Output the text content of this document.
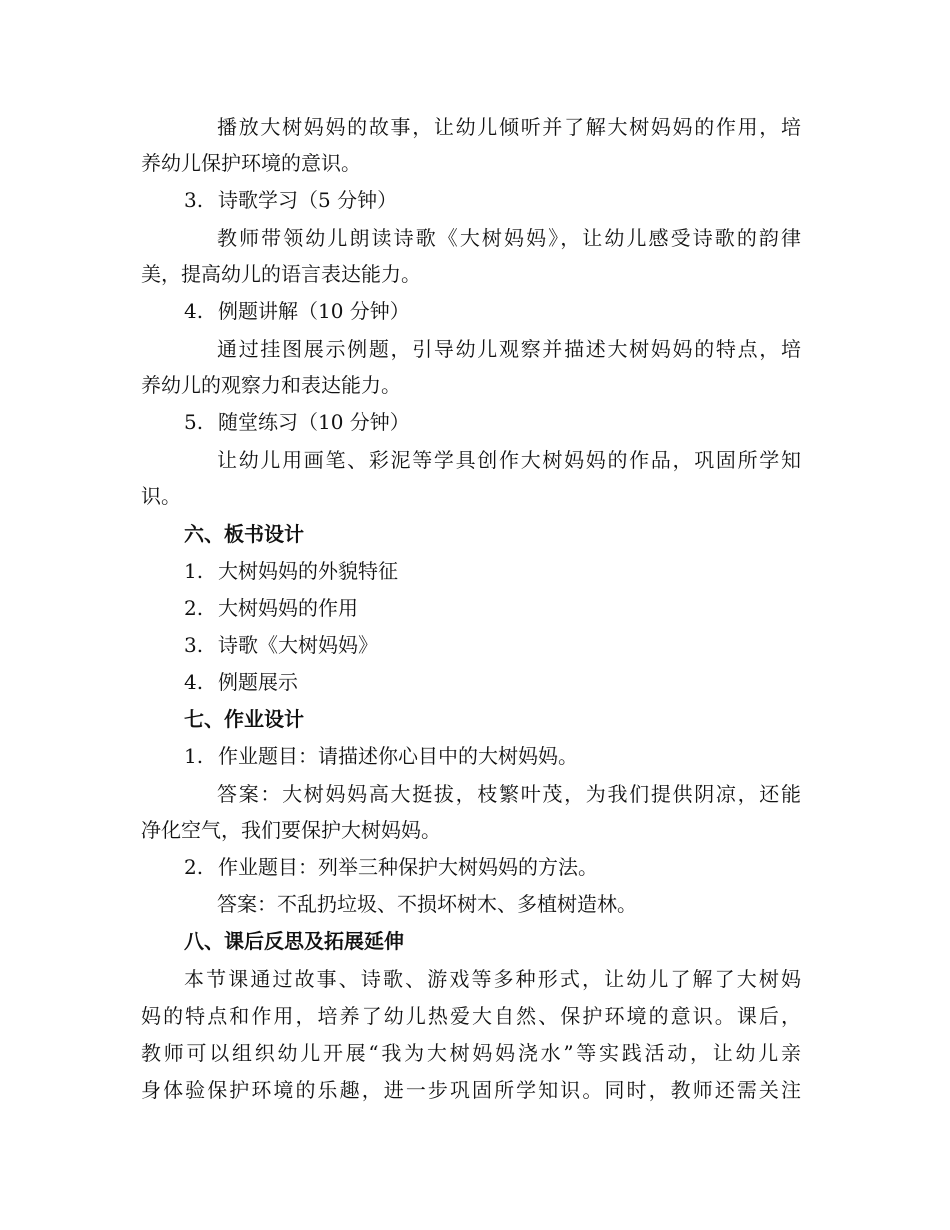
播放大树妈妈的故事，让幼儿倾听并了解大树妈妈的作用，培
养幼儿保护环境的意识。
3. 诗歌学习（5 分钟）
教师带领幼儿朗读诗歌《大树妈妈》，让幼儿感受诗歌的韵律
美，提高幼儿的语言表达能力。
4. 例题讲解（10 分钟）
通过挂图展示例题，引导幼儿观察并描述大树妈妈的特点，培
养幼儿的观察力和表达能力。
5. 随堂练习（10 分钟）
让幼儿用画笔、彩泥等学具创作大树妈妈的作品，巩固所学知
识。
六、板书设计
1. 大树妈妈的外貌特征
2. 大树妈妈的作用
3. 诗歌《大树妈妈》
4. 例题展示
七、作业设计
1. 作业题目：请描述你心目中的大树妈妈。
答案：大树妈妈高大挺拔，枝繁叶茂，为我们提供阴凉，还能
净化空气，我们要保护大树妈妈。
2. 作业题目：列举三种保护大树妈妈的方法。
答案：不乱扔垃圾、不损坏树木、多植树造林。
八、课后反思及拓展延伸
本节课通过故事、诗歌、游戏等多种形式，让幼儿了解了大树妈
妈的特点和作用，培养了幼儿热爱大自然、保护环境的意识。课后，
教师可以组织幼儿开展“我为大树妈妈浇水”等实践活动，让幼儿亲
身体验保护环境的乐趣，进一步巩固所学知识。同时，教师还需关注
